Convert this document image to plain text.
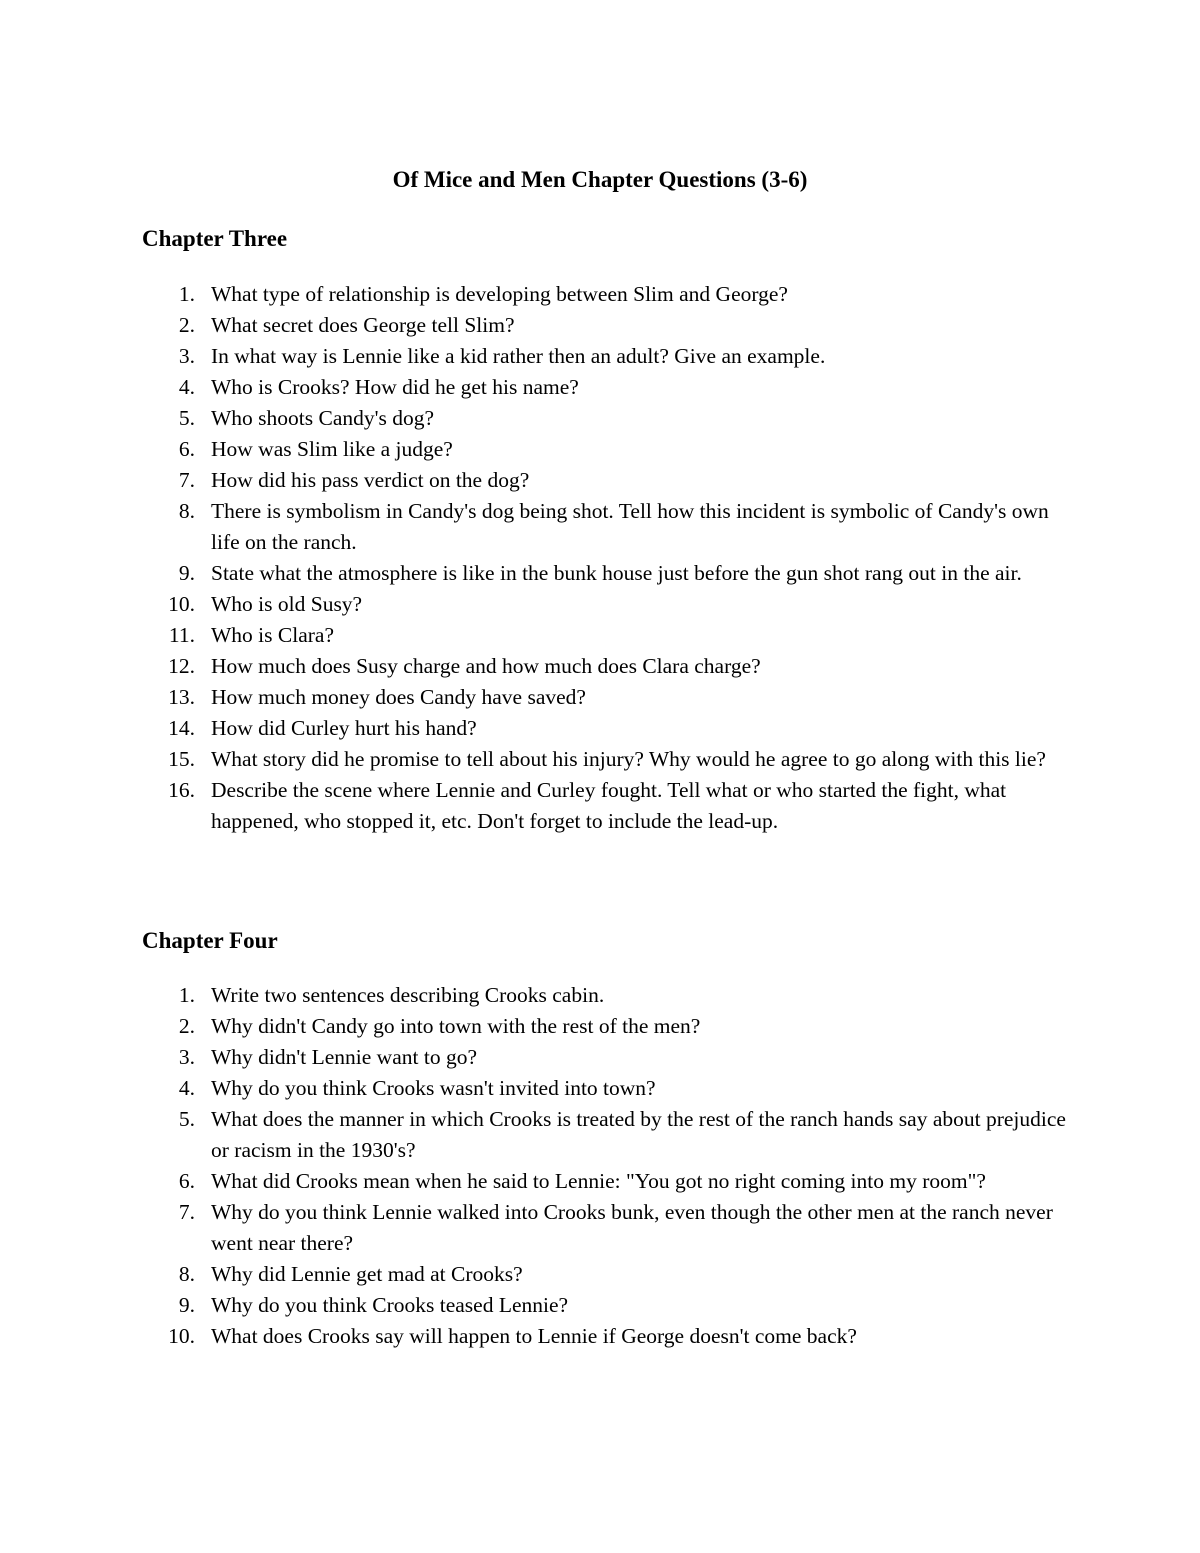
Of Mice and Men Chapter Questions (3-6)
Chapter Three
1. What type of relationship is developing between Slim and George?
2. What secret does George tell Slim?
3. In what way is Lennie like a kid rather then an adult? Give an example.
4. Who is Crooks? How did he get his name?
5. Who shoots Candy's dog?
6. How was Slim like a judge?
7. How did his pass verdict on the dog?
8. There is symbolism in Candy's dog being shot. Tell how this incident is symbolic of Candy's own life on the ranch.
9. State what the atmosphere is like in the bunk house just before the gun shot rang out in the air.
10. Who is old Susy?
11. Who is Clara?
12. How much does Susy charge and how much does Clara charge?
13. How much money does Candy have saved?
14. How did Curley hurt his hand?
15. What story did he promise to tell about his injury? Why would he agree to go along with this lie?
16. Describe the scene where Lennie and Curley fought. Tell what or who started the fight, what happened, who stopped it, etc. Don't forget to include the lead-up.
Chapter Four
1. Write two sentences describing Crooks cabin.
2. Why didn't Candy go into town with the rest of the men?
3. Why didn't Lennie want to go?
4. Why do you think Crooks wasn't invited into town?
5. What does the manner in which Crooks is treated by the rest of the ranch hands say about prejudice or racism in the 1930's?
6. What did Crooks mean when he said to Lennie: "You got no right coming into my room"?
7. Why do you think Lennie walked into Crooks bunk, even though the other men at the ranch never went near there?
8. Why did Lennie get mad at Crooks?
9. Why do you think Crooks teased Lennie?
10. What does Crooks say will happen to Lennie if George doesn't come back?
